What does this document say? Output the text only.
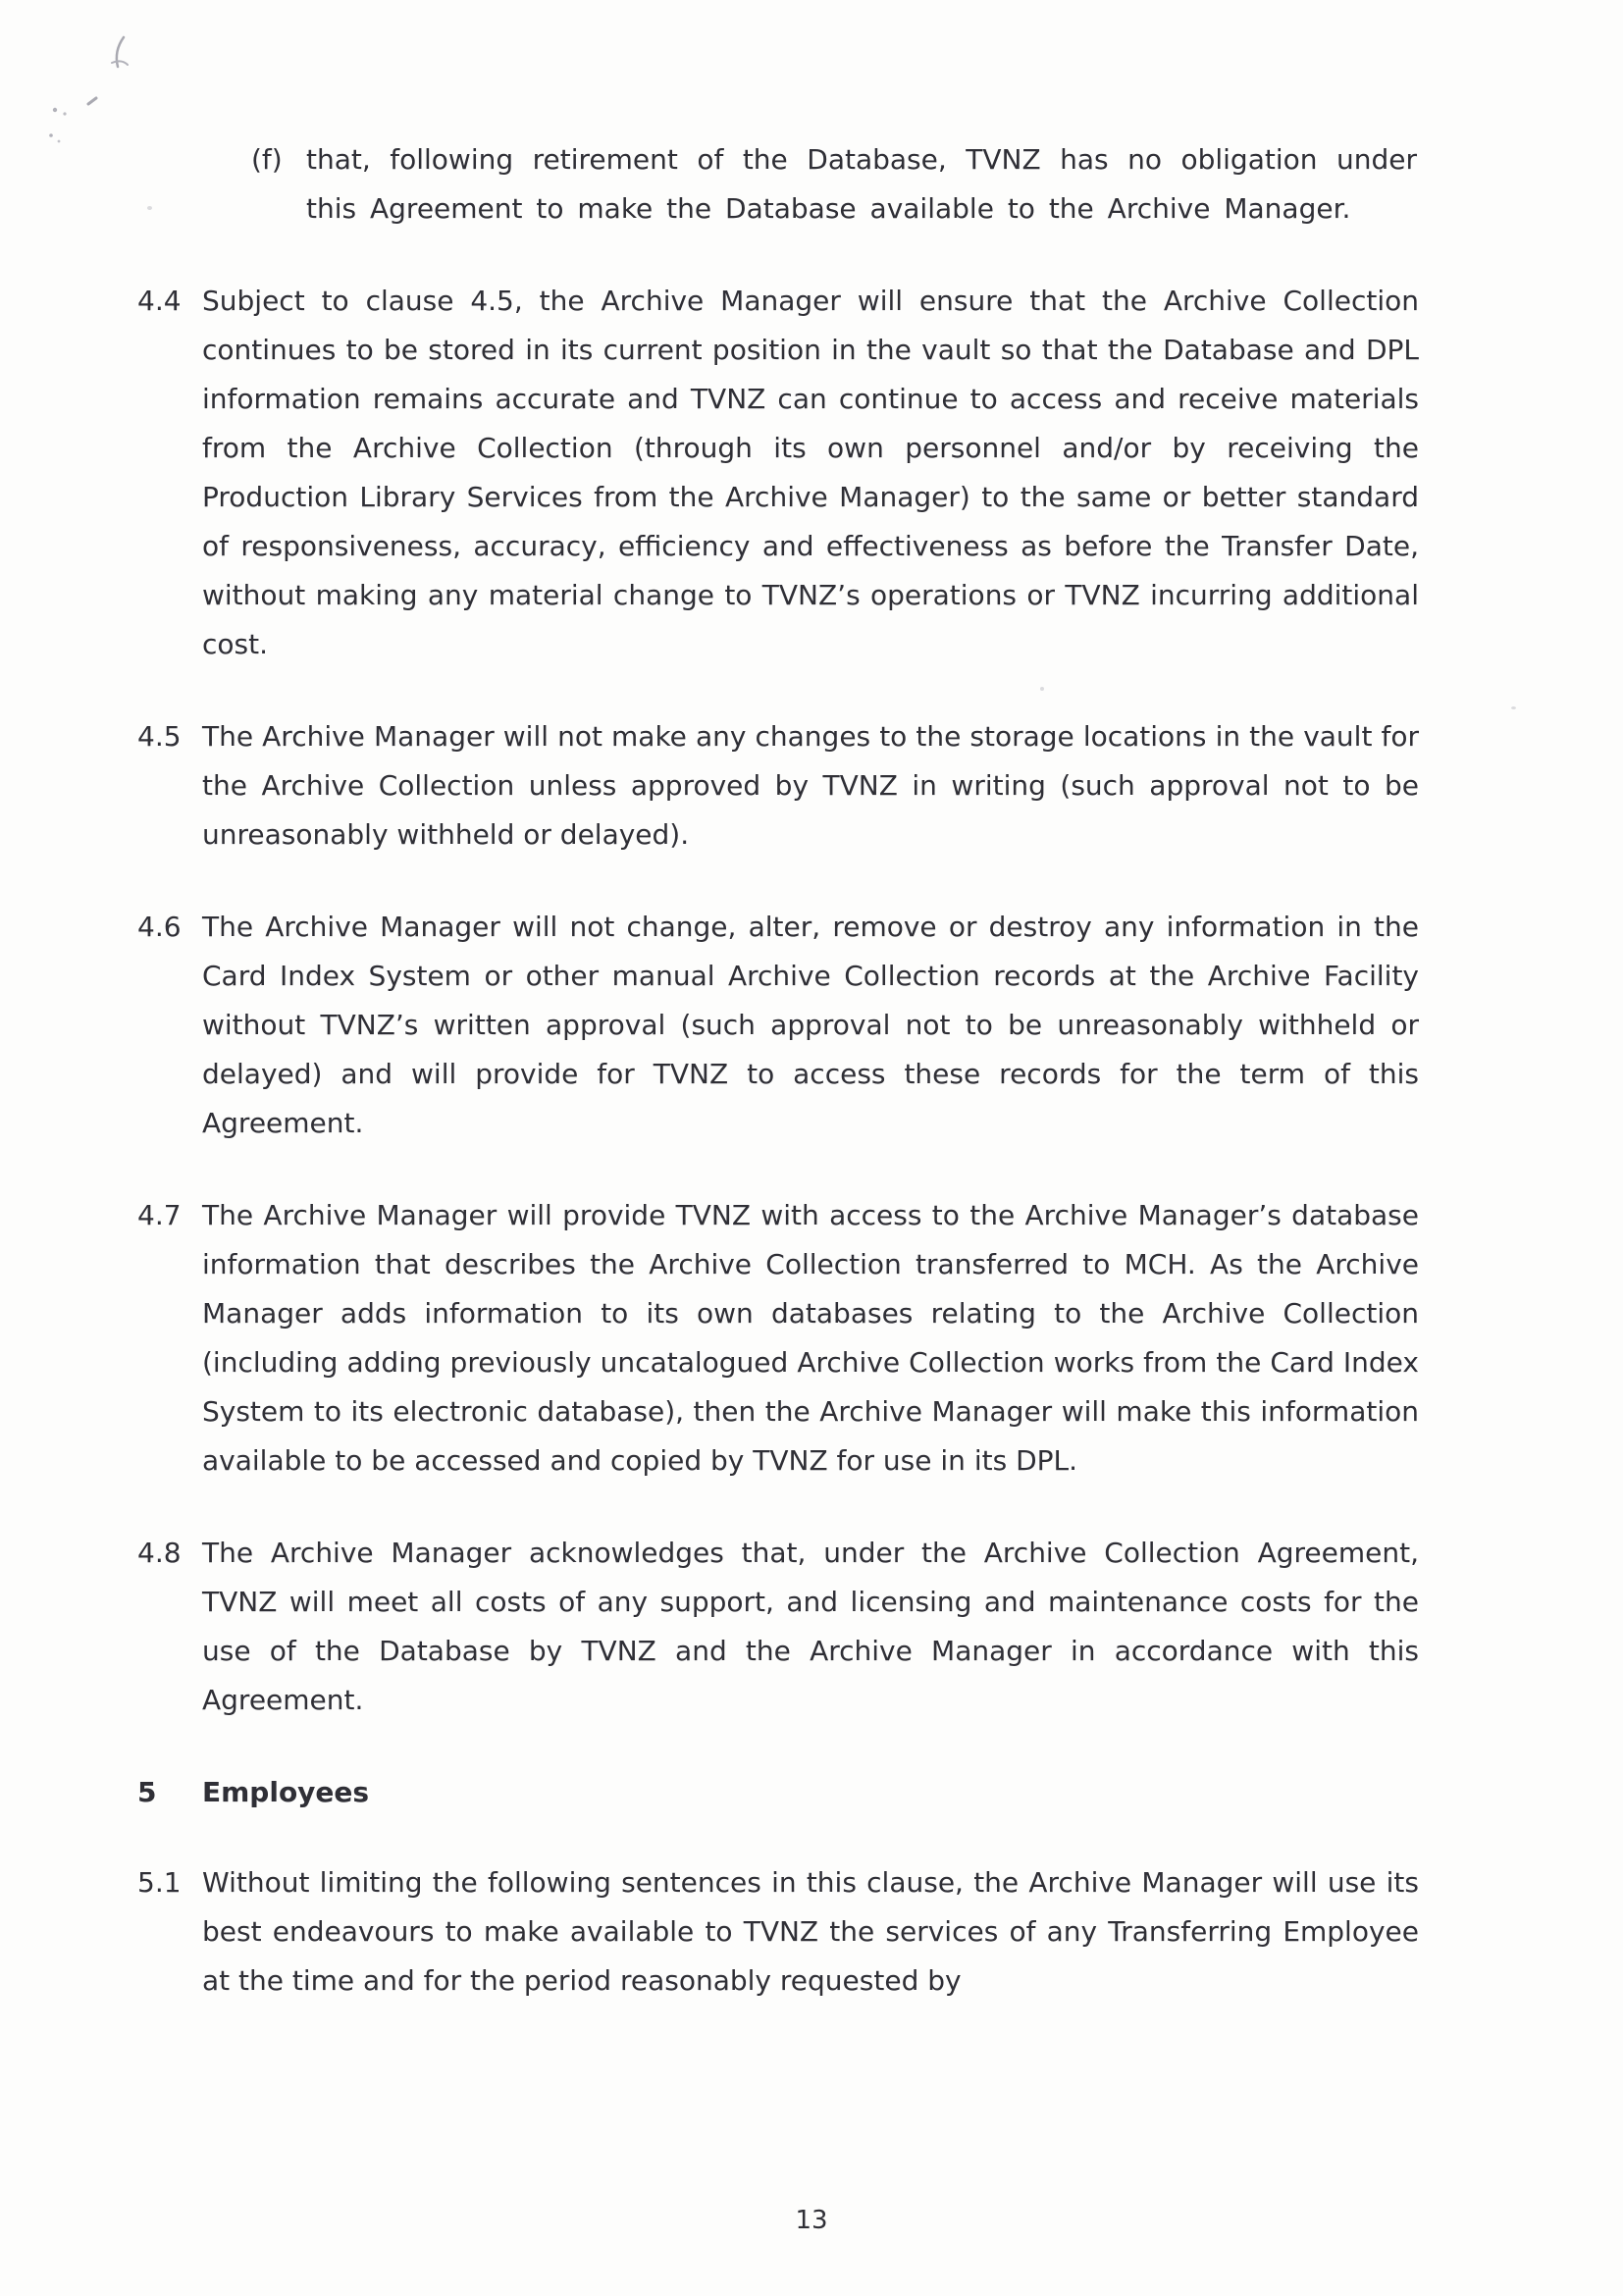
(f) that, following retirement of the Database, TVNZ has no obligation under this Agreement to make the Database available to the Archive Manager.

4.4 Subject to clause 4.5, the Archive Manager will ensure that the Archive Collection continues to be stored in its current position in the vault so that the Database and DPL information remains accurate and TVNZ can continue to access and receive materials from the Archive Collection (through its own personnel and/or by receiving the Production Library Services from the Archive Manager) to the same or better standard of responsiveness, accuracy, efficiency and effectiveness as before the Transfer Date, without making any material change to TVNZ’s operations or TVNZ incurring additional cost.

4.5 The Archive Manager will not make any changes to the storage locations in the vault for the Archive Collection unless approved by TVNZ in writing (such approval not to be unreasonably withheld or delayed).

4.6 The Archive Manager will not change, alter, remove or destroy any information in the Card Index System or other manual Archive Collection records at the Archive Facility without TVNZ’s written approval (such approval not to be unreasonably withheld or delayed) and will provide for TVNZ to access these records for the term of this Agreement.

4.7 The Archive Manager will provide TVNZ with access to the Archive Manager’s database information that describes the Archive Collection transferred to MCH. As the Archive Manager adds information to its own databases relating to the Archive Collection (including adding previously uncatalogued Archive Collection works from the Card Index System to its electronic database), then the Archive Manager will make this information available to be accessed and copied by TVNZ for use in its DPL.

4.8 The Archive Manager acknowledges that, under the Archive Collection Agreement, TVNZ will meet all costs of any support, and licensing and maintenance costs for the use of the Database by TVNZ and the Archive Manager in accordance with this Agreement.

5	Employees

5.1 Without limiting the following sentences in this clause, the Archive Manager will use its best endeavours to make available to TVNZ the services of any Transferring Employee at the time and for the period reasonably requested by

13
